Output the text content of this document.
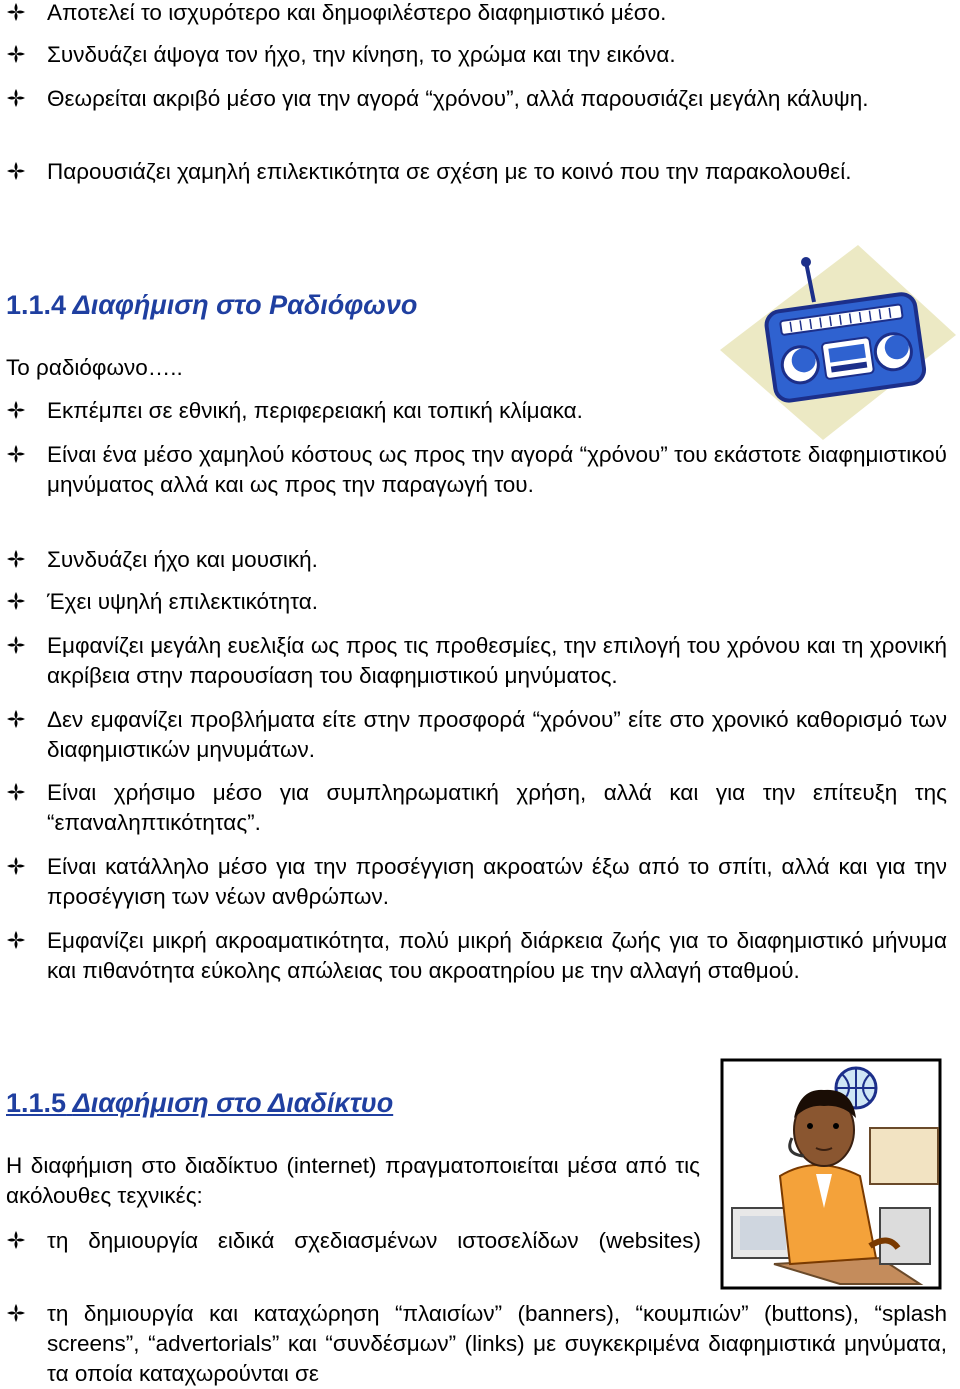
Αποτελεί το ισχυρότερο και δημοφιλέστερο διαφημιστικό μέσο.
Συνδυάζει άψογα τον ήχο, την κίνηση, το χρώμα και την εικόνα.
Θεωρείται ακριβό μέσο για την αγορά “χρόνου”, αλλά παρουσιάζει μεγάλη κάλυψη.
Παρουσιάζει χαμηλή επιλεκτικότητα σε σχέση με το κοινό που την παρακολουθεί.
1.1.4 Διαφήμιση στο Ραδιόφωνο
Το ραδιόφωνο…..
Εκπέμπει σε εθνική, περιφερειακή και τοπική κλίμακα.
Είναι ένα μέσο χαμηλού κόστους ως προς την αγορά “χρόνου” του εκάστοτε διαφημιστικού μηνύματος αλλά και ως προς την παραγωγή του.
Συνδυάζει ήχο και μουσική.
Έχει υψηλή επιλεκτικότητα.
Εμφανίζει μεγάλη ευελιξία ως προς τις προθεσμίες, την επιλογή του χρόνου και τη χρονική ακρίβεια στην παρουσίαση του διαφημιστικού μηνύματος.
Δεν εμφανίζει προβλήματα είτε στην προσφορά “χρόνου” είτε στο χρονικό καθορισμό των διαφημιστικών μηνυμάτων.
Είναι χρήσιμο μέσο για συμπληρωματική χρήση, αλλά και για την επίτευξη της “επαναληπτικότητας”.
Είναι κατάλληλο μέσο για την προσέγγιση ακροατών έξω από το σπίτι, αλλά και για την προσέγγιση των νέων ανθρώπων.
Εμφανίζει μικρή ακροαματικότητα, πολύ μικρή διάρκεια ζωής για το διαφημιστικό μήνυμα και πιθανότητα εύκολης απώλειας του ακροατηρίου με την αλλαγή σταθμού.
1.1.5 Διαφήμιση στο Διαδίκτυο
Η διαφήμιση στο διαδίκτυο (internet) πραγματοποιείται μέσα από τις ακόλουθες τεχνικές:
τη δημιουργία ειδικά σχεδιασμένων ιστοσελίδων (websites)
τη δημιουργία και καταχώρηση “πλαισίων” (banners), “κουμπιών” (buttons), “splash screens”, “advertorials” και “συνδέσμων” (links) με συγκεκριμένα διαφημιστικά μηνύματα, τα οποία καταχωρούνται σε
